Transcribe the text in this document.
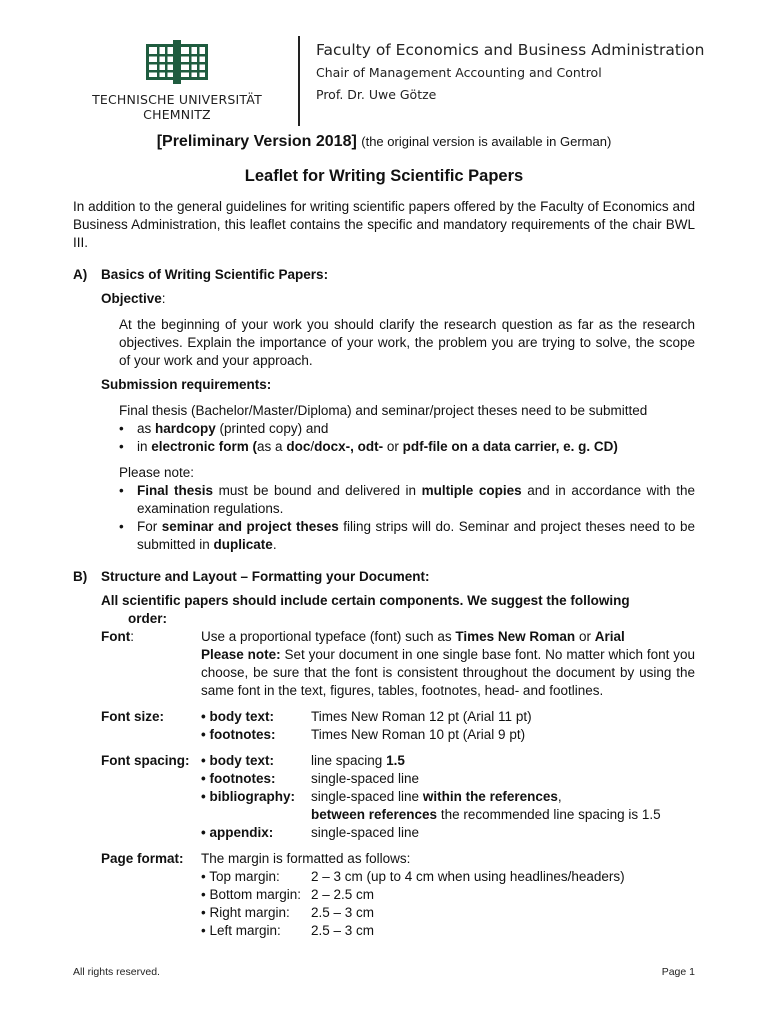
TECHNISCHE UNIVERSITÄT
CHEMNITZ
Faculty of Economics and Business Administration
Chair of Management Accounting and Control
Prof. Dr. Uwe Götze
[Preliminary Version 2018] (the original version is available in German)
Leaflet for Writing Scientific Papers

In addition to the general guidelines for writing scientific papers offered by the Faculty of Economics and Business Administration, this leaflet contains the specific and mandatory requirements of the chair BWL III.

A)	Basics of Writing Scientific Papers:
Objective:

At the beginning of your work you should clarify the research question as far as the research objectives. Explain the importance of your work, the problem you are trying to solve, the scope of your work and your approach.

Submission requirements:
Final thesis (Bachelor/Master/Diploma) and seminar/project theses need to be submitted
• as hardcopy (printed copy) and
• in electronic form (as a doc/docx-, odt- or pdf-file on a data carrier, e. g. CD)
Please note:
• Final thesis must be bound and delivered in multiple copies and in accordance with the examination regulations.
• For seminar and project theses filing strips will do. Seminar and project theses need to be submitted in duplicate.
B)	Structure and Layout – Formatting your Document:
All scientific papers should include certain components. We suggest the following
order:
Font:	Use a proportional typeface (font) such as Times New Roman or Arial
Please note: Set your document in one single base font. No matter which font you choose, be sure that the font is consistent throughout the document by using the same font in the text, figures, tables, footnotes, head- and footlines.
Font size:	• body text:	Times New Roman 12 pt (Arial 11 pt)
• footnotes:	Times New Roman 10 pt (Arial 9 pt)
Font spacing: • body text:	line spacing 1.5
• footnotes:	single-spaced line
• bibliography:	single-spaced line within the references,
between references the recommended line spacing is 1.5
• appendix:	single-spaced line
Page format:	The margin is formatted as follows:
• Top margin:	2 – 3 cm (up to 4 cm when using headlines/headers)
• Bottom margin: 2 – 2.5 cm
• Right margin:	2.5 – 3 cm
• Left margin:	2.5 – 3 cm
All rights reserved.	Page 1
